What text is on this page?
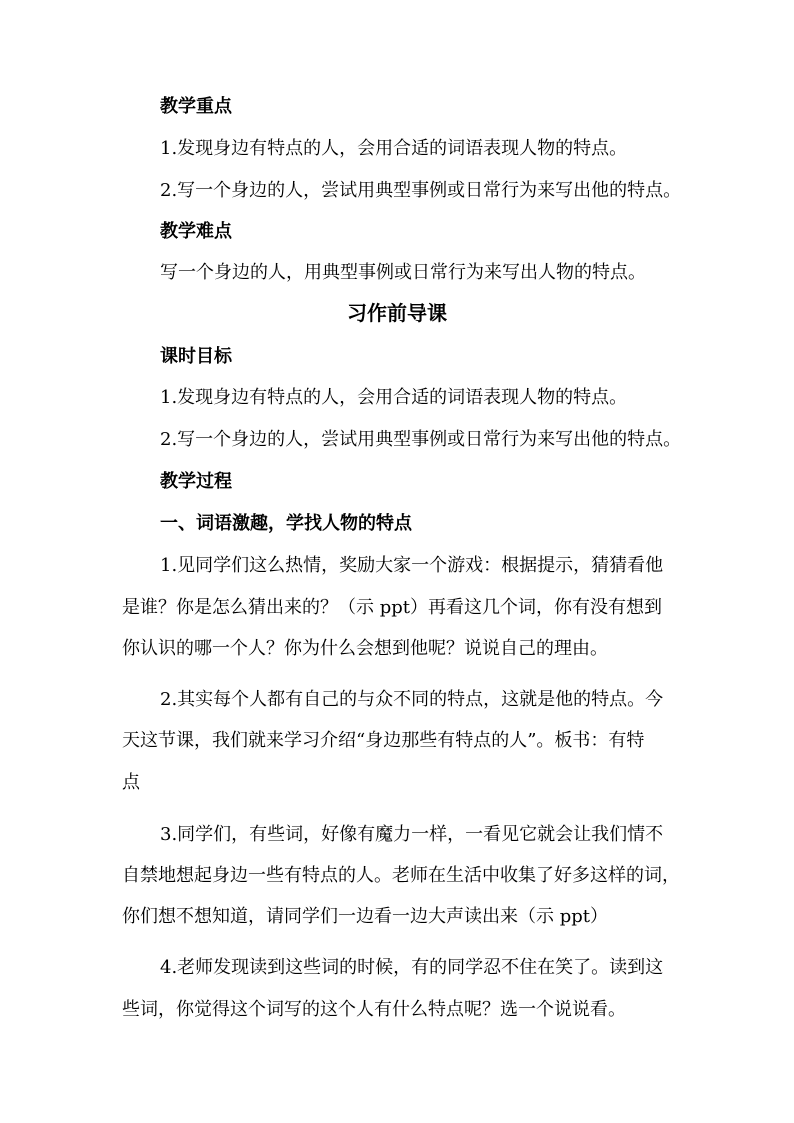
教学重点
1.发现身边有特点的人，会用合适的词语表现人物的特点。
2.写一个身边的人，尝试用典型事例或日常行为来写出他的特点。
教学难点
写一个身边的人，用典型事例或日常行为来写出人物的特点。
习作前导课
课时目标
1.发现身边有特点的人，会用合适的词语表现人物的特点。
2.写一个身边的人，尝试用典型事例或日常行为来写出他的特点。
教学过程
一、词语激趣，学找人物的特点
1.见同学们这么热情，奖励大家一个游戏：根据提示，猜猜看他
是谁？你是怎么猜出来的？（示 ppt）再看这几个词，你有没有想到
你认识的哪一个人？你为什么会想到他呢？说说自己的理由。
2.其实每个人都有自己的与众不同的特点，这就是他的特点。今
天这节课，我们就来学习介绍“身边那些有特点的人”。板书：有特
点
3.同学们，有些词，好像有魔力一样，一看见它就会让我们情不
自禁地想起身边一些有特点的人。老师在生活中收集了好多这样的词，
你们想不想知道，请同学们一边看一边大声读出来（示 ppt）
4.老师发现读到这些词的时候，有的同学忍不住在笑了。读到这
些词，你觉得这个词写的这个人有什么特点呢？选一个说说看。
